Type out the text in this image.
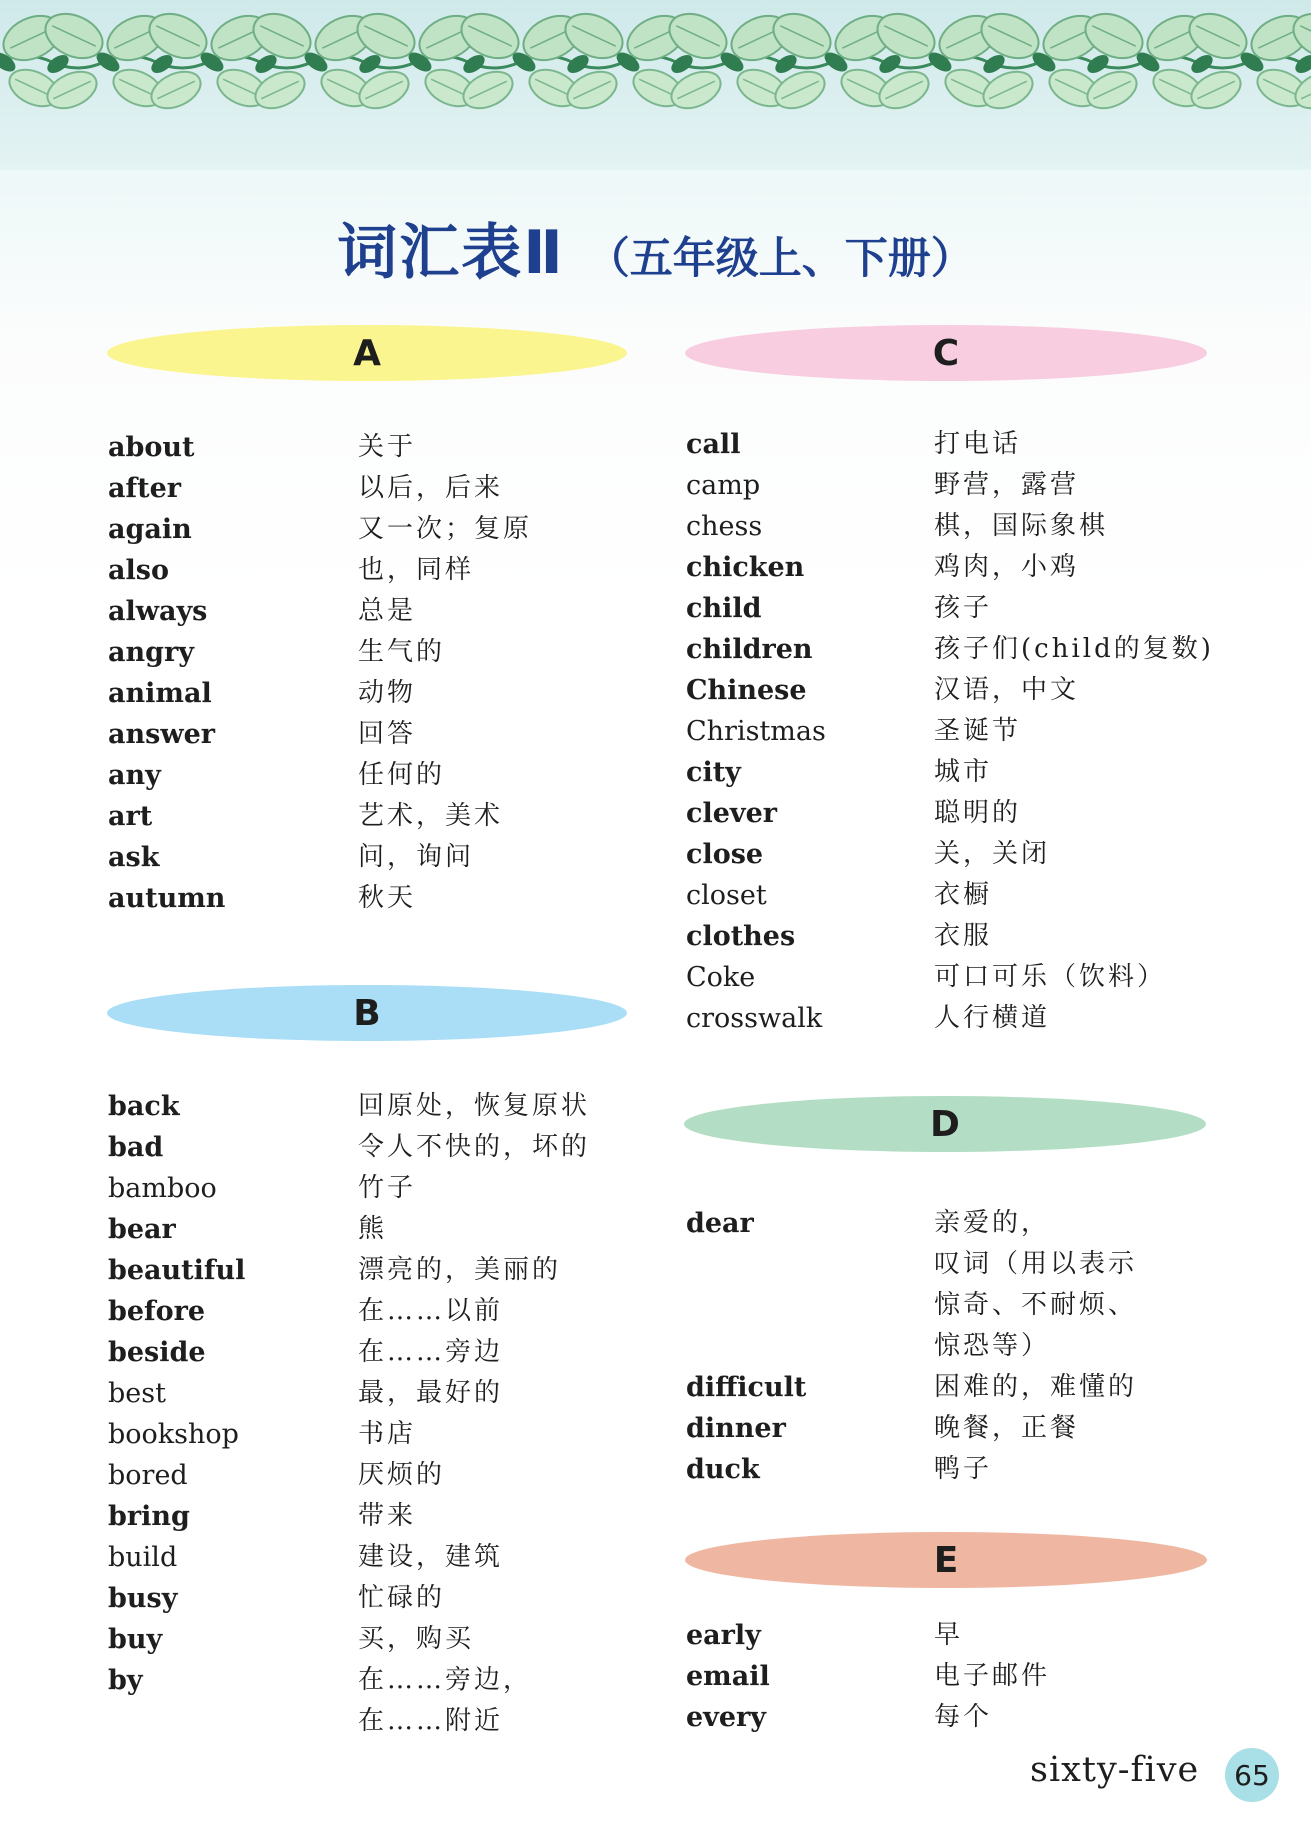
词汇表Ⅱ （五年级上、下册）
A
about	关于
after	以后，后来
again	又一次；复原
also	也，同样
always	总是
angry	生气的
animal	动物
answer	回答
any	任何的
art	艺术，美术
ask	问，询问
autumn	秋天
B
back	回原处，恢复原状
bad	令人不快的，坏的
bamboo	竹子
bear	熊
beautiful	漂亮的，美丽的
before	在……以前
beside	在……旁边
best	最，最好的
bookshop	书店
bored	厌烦的
bring	带来
build	建设，建筑
busy	忙碌的
buy	买，购买
by	在……旁边，
在……附近
C
call	打电话
camp	野营，露营
chess	棋，国际象棋
chicken	鸡肉，小鸡
child	孩子
children	孩子们(child的复数)
Chinese	汉语，中文
Christmas	圣诞节
city	城市
clever	聪明的
close	关，关闭
closet	衣橱
clothes	衣服
Coke	可口可乐（饮料）
crosswalk	人行横道
D
dear	亲爱的，
叹词（用以表示
惊奇、不耐烦、
惊恐等）
difficult	困难的，难懂的
dinner	晚餐，正餐
duck	鸭子
E
early	早
email	电子邮件
every	每个
sixty-five 65
